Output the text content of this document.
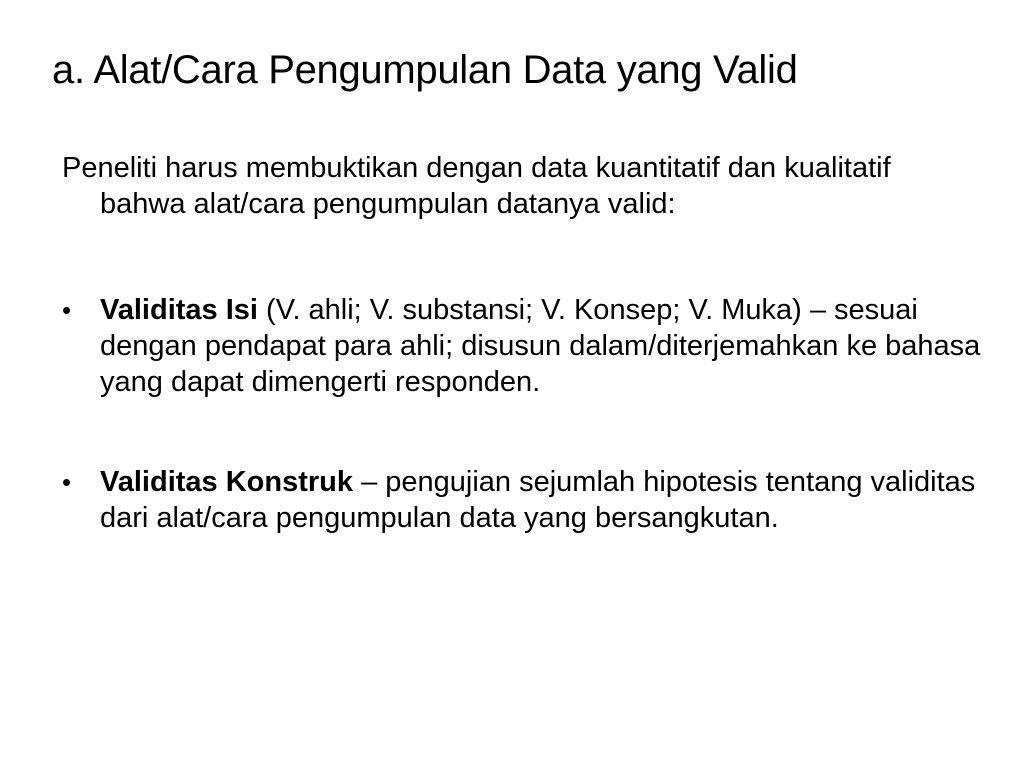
a. Alat/Cara Pengumpulan Data yang Valid

Peneliti harus membuktikan dengan data kuantitatif dan kualitatif bahwa alat/cara pengumpulan datanya valid:

• Validitas Isi (V. ahli; V. substansi; V. Konsep; V. Muka) – sesuai dengan pendapat para ahli; disusun dalam/diterjemahkan ke bahasa yang dapat dimengerti responden.
• Validitas Konstruk – pengujian sejumlah hipotesis tentang validitas dari alat/cara pengumpulan data yang bersangkutan.
